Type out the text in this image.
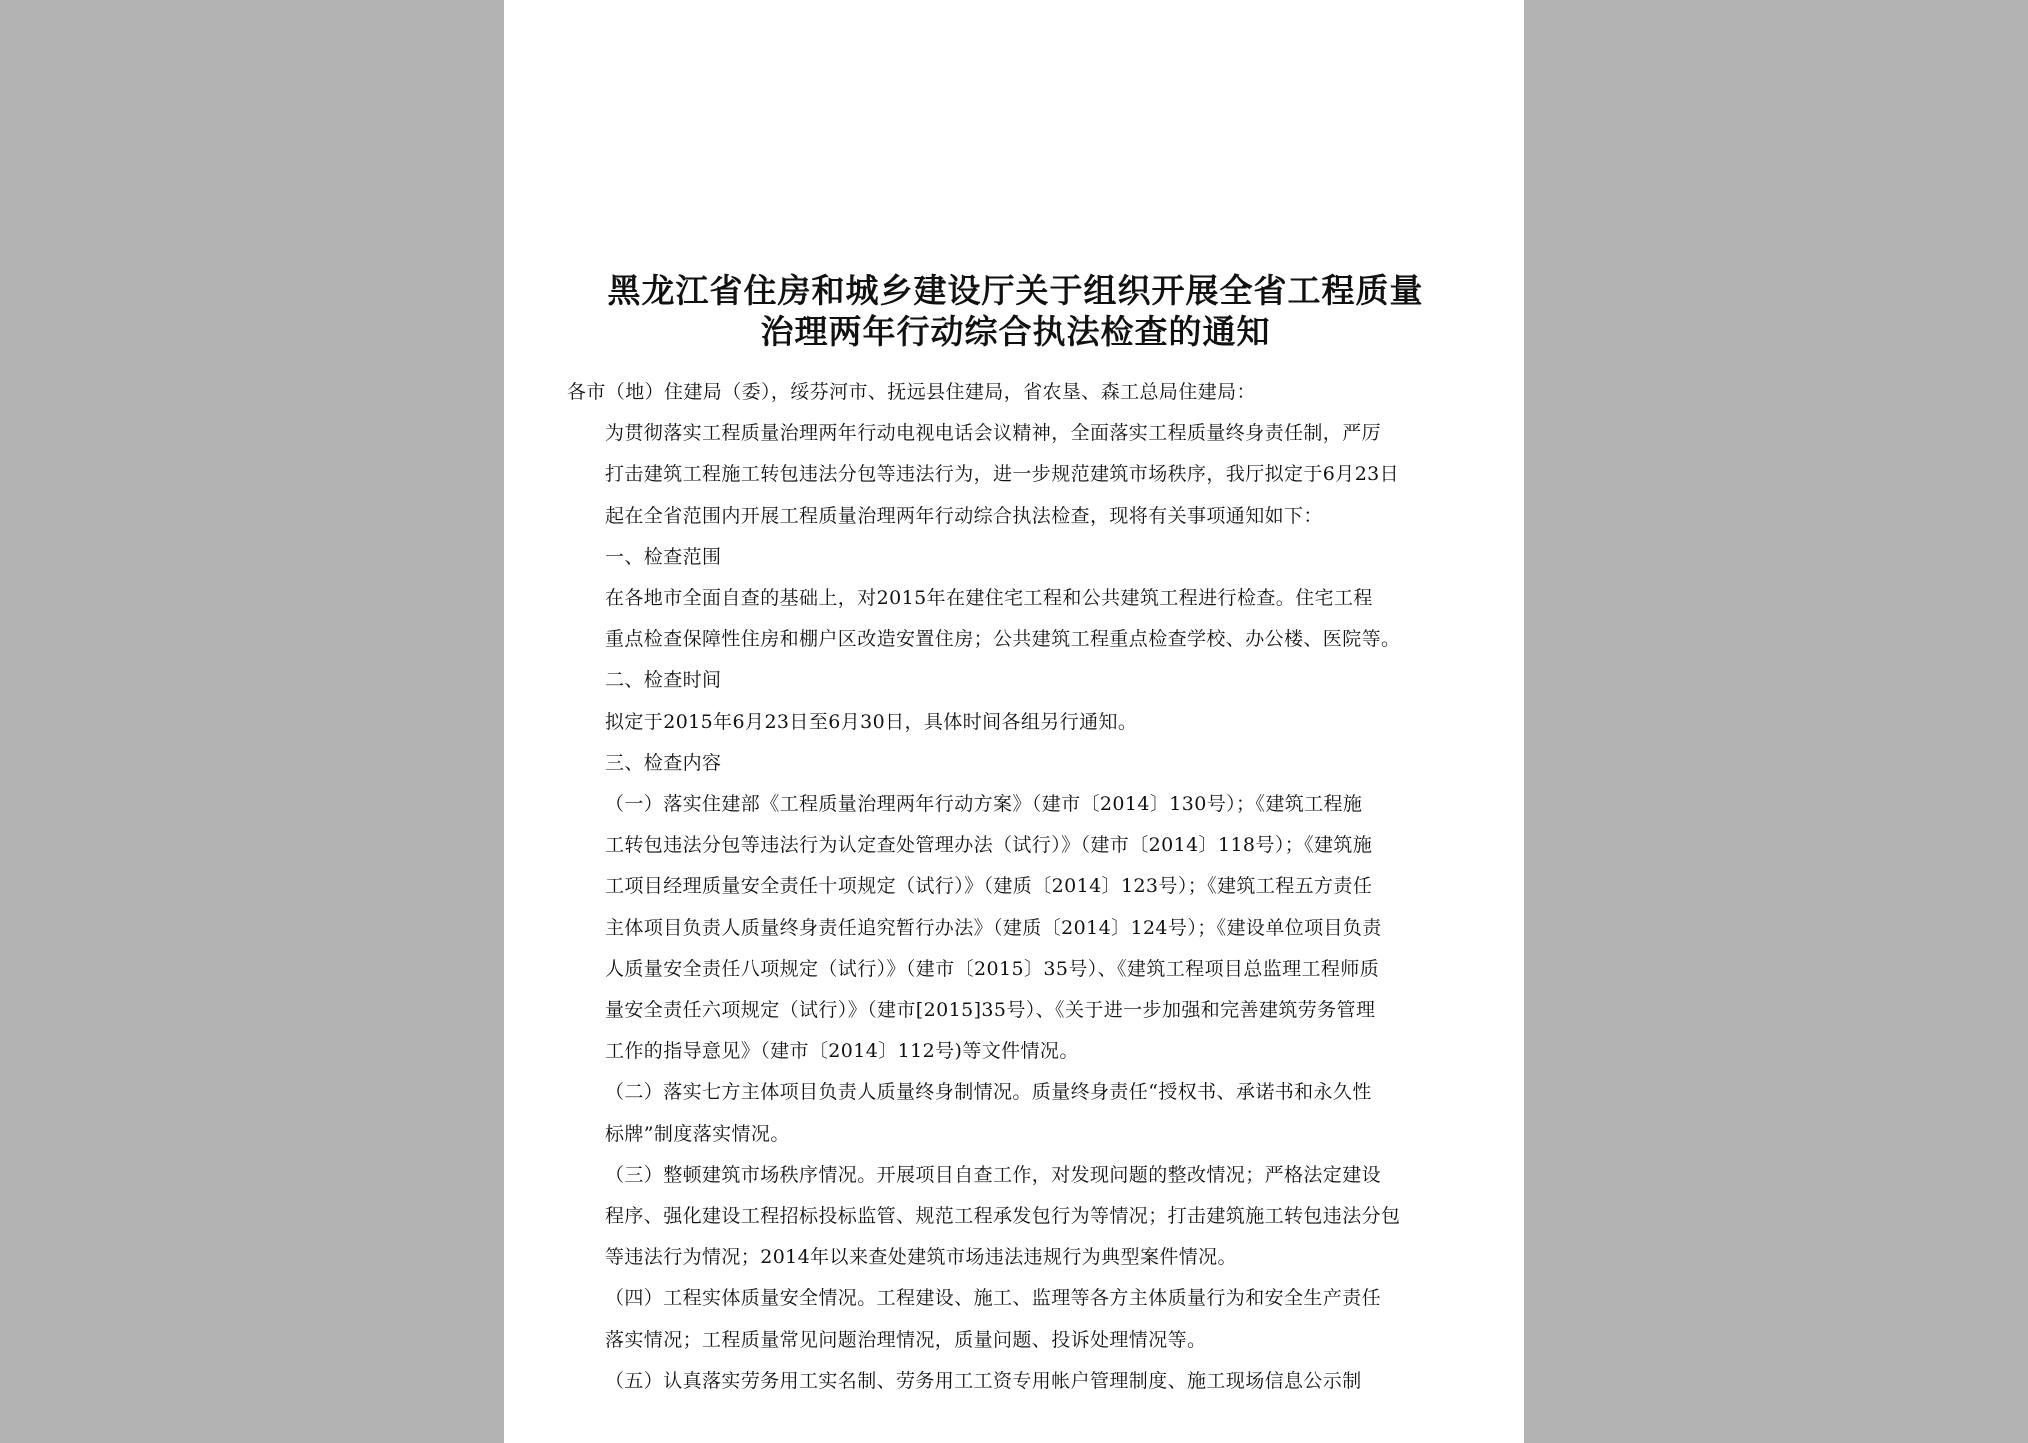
黑龙江省住房和城乡建设厅关于组织开展全省工程质量
治理两年行动综合执法检查的通知

各市（地）住建局（委），绥芬河市、抚远县住建局，省农垦、森工总局住建局：

为贯彻落实工程质量治理两年行动电视电话会议精神，全面落实工程质量终身责任制，严厉
打击建筑工程施工转包违法分包等违法行为，进一步规范建筑市场秩序，我厅拟定于6月23日
起在全省范围内开展工程质量治理两年行动综合执法检查，现将有关事项通知如下：

一、检查范围

在各地市全面自查的基础上，对2015年在建住宅工程和公共建筑工程进行检查。住宅工程
重点检查保障性住房和棚户区改造安置住房；公共建筑工程重点检查学校、办公楼、医院等。

二、检查时间

拟定于2015年6月23日至6月30日，具体时间各组另行通知。

三、检查内容

（一）落实住建部《工程质量治理两年行动方案》（建市〔2014〕130号）；《建筑工程施
工转包违法分包等违法行为认定查处管理办法（试行）》（建市〔2014〕118号）；《建筑施
工项目经理质量安全责任十项规定（试行）》（建质〔2014〕123号）；《建筑工程五方责任
主体项目负责人质量终身责任追究暂行办法》（建质〔2014〕124号）；《建设单位项目负责
人质量安全责任八项规定（试行）》（建市〔2015〕35号）、《建筑工程项目总监理工程师质
量安全责任六项规定（试行）》（建市[2015]35号）、《关于进一步加强和完善建筑劳务管理
工作的指导意见》（建市〔2014〕112号)等文件情况。

（二）落实七方主体项目负责人质量终身制情况。质量终身责任“授权书、承诺书和永久性
标牌”制度落实情况。

（三）整顿建筑市场秩序情况。开展项目自查工作，对发现问题的整改情况；严格法定建设
程序、强化建设工程招标投标监管、规范工程承发包行为等情况；打击建筑施工转包违法分包
等违法行为情况；2014年以来查处建筑市场违法违规行为典型案件情况。

（四）工程实体质量安全情况。工程建设、施工、监理等各方主体质量行为和安全生产责任
落实情况；工程质量常见问题治理情况，质量问题、投诉处理情况等。

（五）认真落实劳务用工实名制、劳务用工工资专用帐户管理制度、施工现场信息公示制
